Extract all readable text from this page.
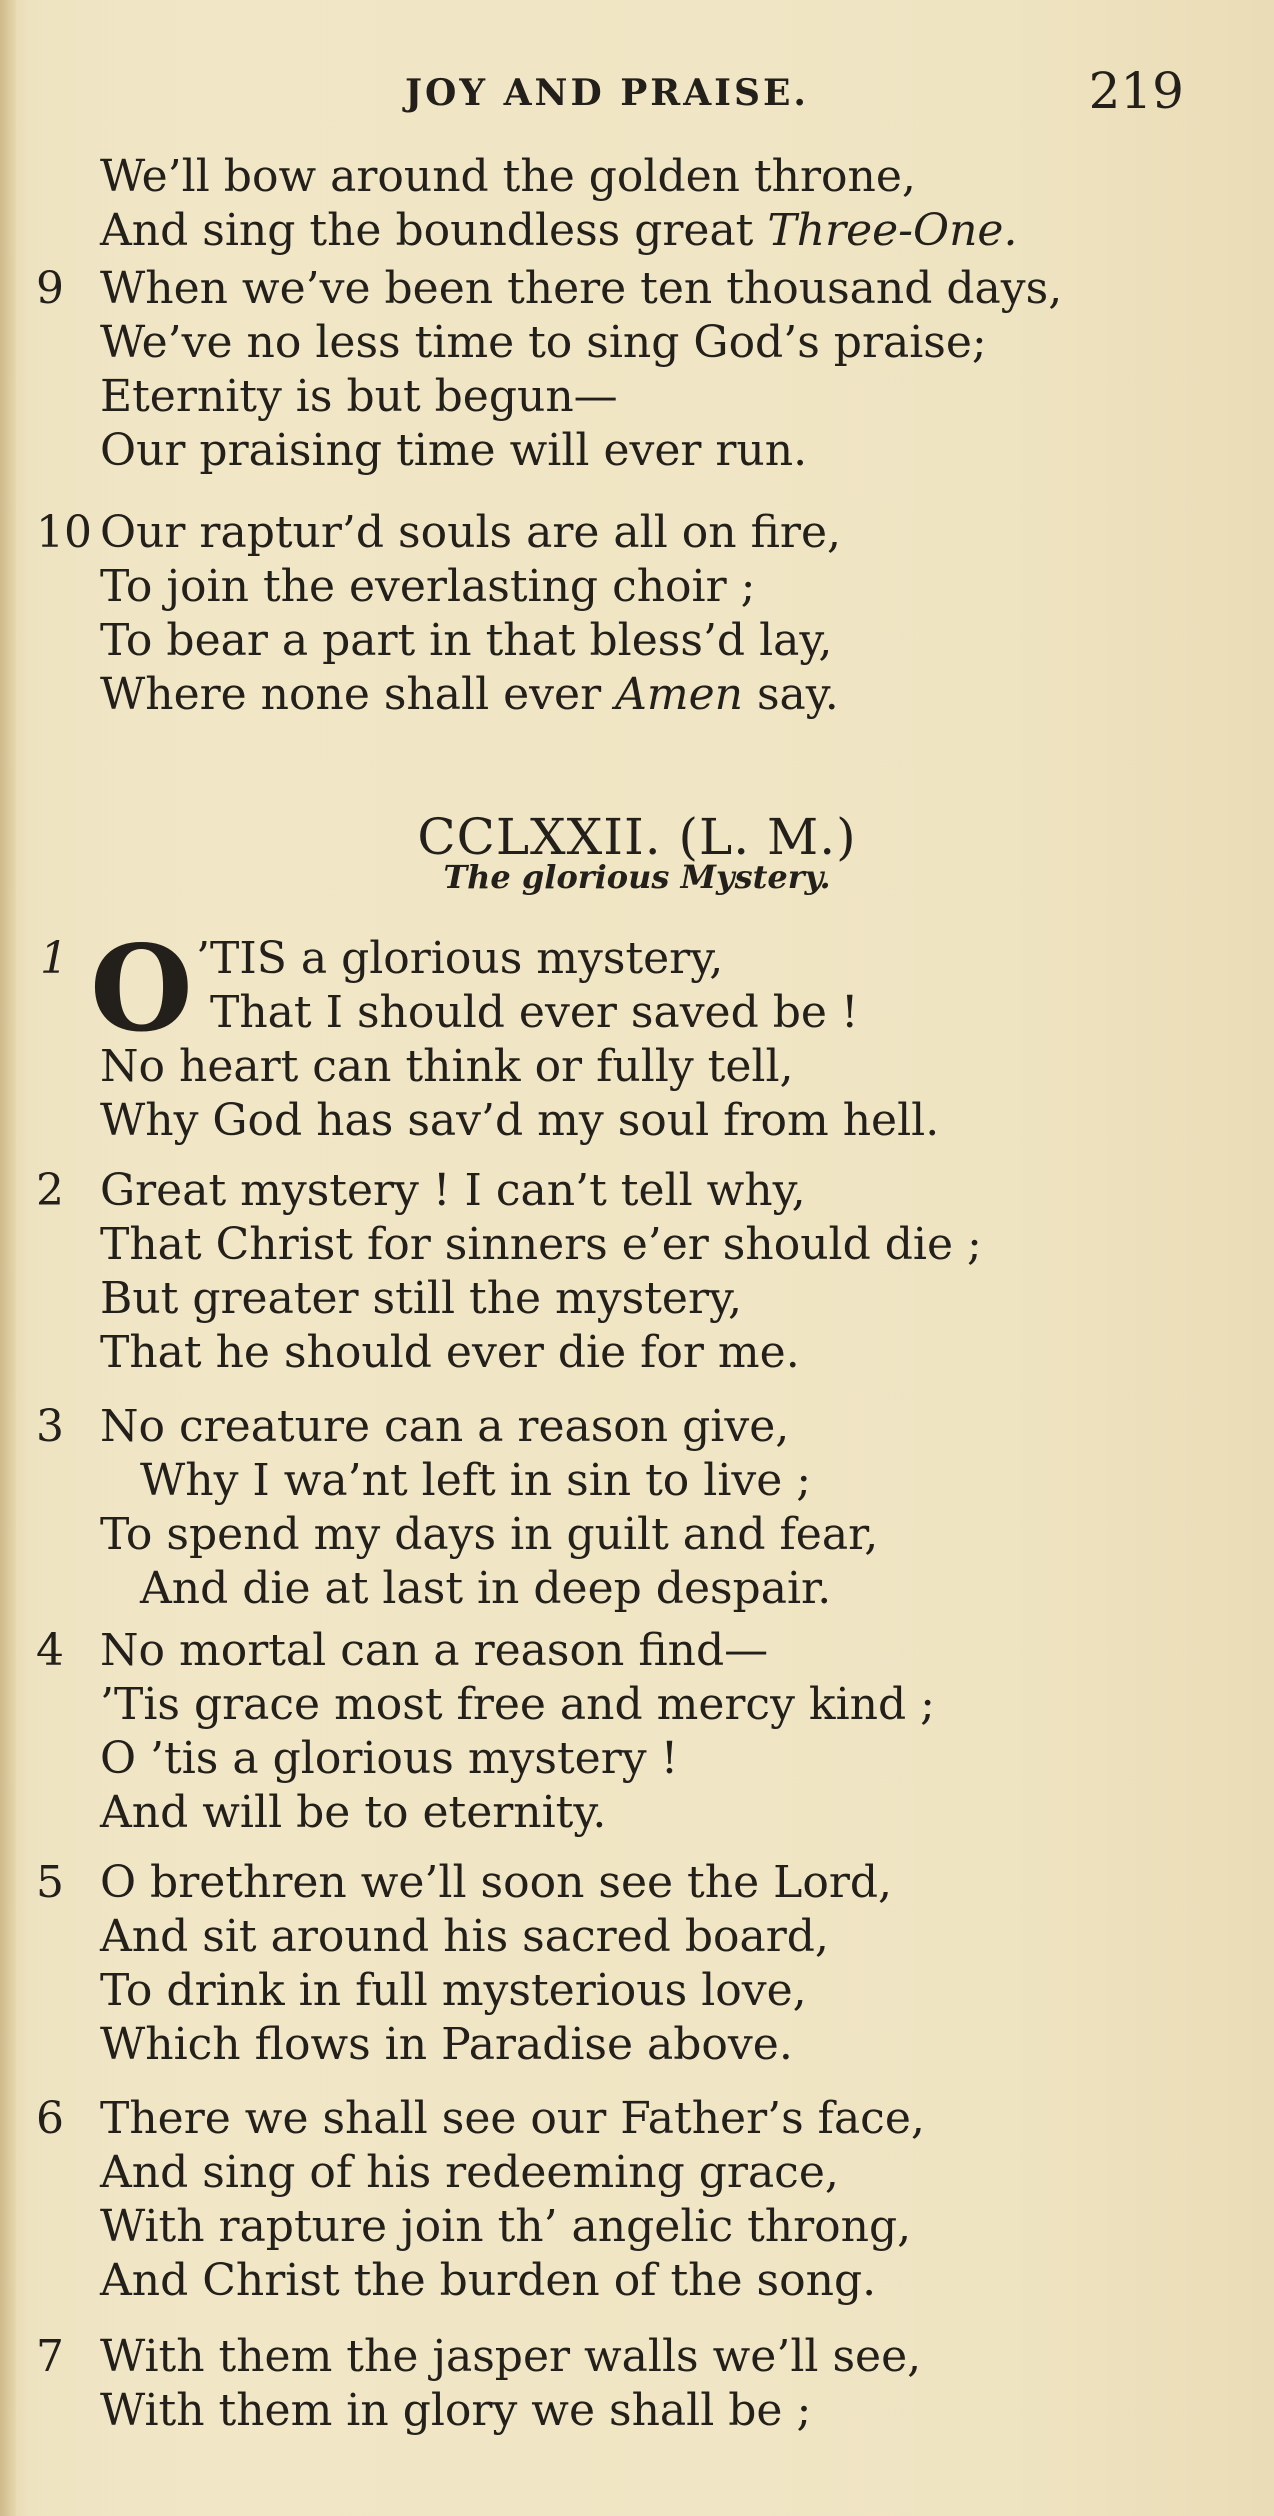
JOY AND PRAISE.	219
We’ll bow around the golden throne,
And sing the boundless great Three-One.
9 When we’ve been there ten thousand days,
We’ve no less time to sing God’s praise;
Eternity is but begun—
Our praising time will ever run.
10 Our raptur’d souls are all on fire,
To join the everlasting choir ;
To bear a part in that bless’d lay,
Where none shall ever Amen say.
CCLXXII. (L. M.)
The glorious Mystery.
1 O ’TIS a glorious mystery,
That I should ever saved be !
No heart can think or fully tell,
Why God has sav’d my soul from hell.
2 Great mystery ! I can’t tell why,
That Christ for sinners e’er should die ;
But greater still the mystery,
That he should ever die for me.
3 No creature can a reason give,
Why I wa’nt left in sin to live ;
To spend my days in guilt and fear,
And die at last in deep despair.
4 No mortal can a reason find—
’Tis grace most free and mercy kind ;
O ’tis a glorious mystery !
And will be to eternity.
5 O brethren we’ll soon see the Lord,
And sit around his sacred board,
To drink in full mysterious love,
Which flows in Paradise above.
6 There we shall see our Father’s face,
And sing of his redeeming grace,
With rapture join th’ angelic throng,
And Christ the burden of the song.
7 With them the jasper walls we’ll see,
With them in glory we shall be ;
